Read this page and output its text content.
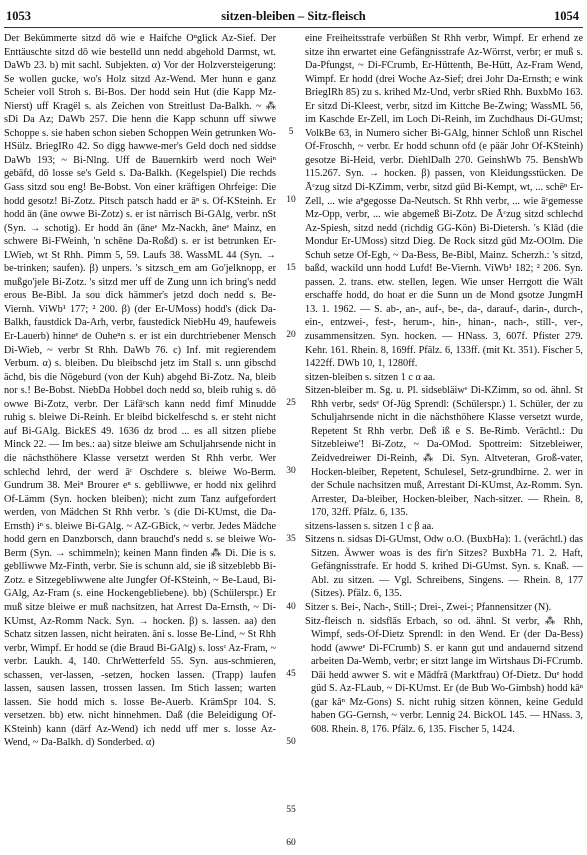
1053	sitzen-bleiben – Sitz-fleisch	1054

Der Bekümmerte sitzd dō wie e Haifche Oⁿglick Az-Sief. Der Enttäuschte sitzd dō wie bestelld unn nedd abgehold Darmst, wt. DaWb 23. b) mit sachl. Subjekten. α) Vor der Holzversteigerung: Se wollen gucke, wo's Holz sitzd Az-Wend. Mer hunn e ganz Scheier voll Stroh s. Bi-Bos. Der hodd sein Hut (die Kapp Mz-Nierst) uff Kragël s. als Zeichen von Streitlust Da-Balkh. ~ ⁂ sDi Da Az; DaWb 257. Die henn die Kapp schunn uff siwwe Schoppe s. sie haben schon sieben Schoppen Wein getrunken Wo-HSülz. BriegIRo 42. So digg hawwe-mer's Geld doch ned siddse DaWb 193; ~ Bi-Nlng. Uff de Bauernkirb werd noch Weiⁿ gebäfd, dō losse se's Geld s. Da-Balkh. (Kegelspiel) Die rechds Gass sitzd sou eng! Be-Bobst. Von einer kräftigen Ohrfeige: Die hodd gesotz! Bi-Zotz. Pitsch patsch hadd er āⁿ s. Of-KSteinh. Er hodd ān (āne owwe Bi-Zotz) s. er ist närrisch Bi-GAlg, verbr. nSt (Syn. → schotig). Er hodd ān (āneᵉ Mz-Nackh, āneᵉ Mainz, en schwere Bi-FWeinh, 'n schēne Da-Roßd) s. er ist betrunken Er-LWieb, wt St Rhh. Pimm 5, 59. Laufs 38. WassML 44 (Syn. → be-trinken; saufen). β) unpers. 's sitzsch_em am Go'jelknopp, er mußgo'jele Bi-Zotz. 's sitzd mer uff de Zung unn ich bring's nedd erous Be-Bibl. Ja sou dick hämmer's jetzd doch nedd s. Be-Viernh. ViWb¹ 177; ² 200. β) (der Er-UMoss) hodd's (dick Da-Balkh, faustdick Da-Arh, verbr, faustedick NiebHu 49, haufeweis Er-Lauerb) hinneᵉ de Ouheⁿn s. er ist ein durchtriebener Mensch Di-Wieb, ~ verbr St Rhh. DaWb 76. c) Inf. mit regierendem Verbum. α) s. bleiben. Du bleibschd jetz im Stall s. unn gibschd ächd, bis die Nögeburd (von der Kuh) abgehd Bi-Zotz. Na, bleib nor s.! Be-Bobst. NiebDa Hobbel doch nedd so, bleib ruhig s. dō owwe Bi-Zotz, verbr. Der Läfāᶜsch kann nedd fimf Minudde ruhig s. bleiwe Di-Reinh. Er bleibd bickelfeschd s. er steht nicht auf Bi-GAlg. BickES 49. 1636 dz brod ... es all sitzen pliebe Minck 22. — Im bes.: aa) sitze bleiwe am Schuljahrsende nicht in die nächsthöhere Klasse versetzt werden St Rhh verbr. Wer schlechd lehrd, der werd āᶜ Oschdere s. bleiwe Wo-Berm. Gundrum 38. Meiⁿ Brourer eⁿ s. geblliwwe, er hodd nix gelihrd Of-Lämm (Syn. hocken bleiben); nicht zum Tanz aufgefordert werden, von Mädchen St Rhh verbr. 's (die Di-KUmst, die Da-Ernsth) iⁿ s. bleiwe Bi-GAlg. ~ AZ-GBick, ~ verbr. Jedes Mädche hodd gern en Danzborsch, dann brauchd's nedd s. se bleiwe Wo-Berm (Syn. → schimmeln); keinen Mann finden ⁂ Di. Die is s. geblliwwe Mz-Finth, verbr. Sie is schunn ald, sie iß sitzeblebb Bi-Zotz. e Sitzegebliwwene alte Jungfer Of-KSteinh, ~ Be-Laud, Bi-GAlg, Az-Fram (s. eine Hockengebliebene). bb) (Schülerspr.) Er muß sitze bleiwe er muß nachsitzen, hat Arrest Da-Ernsth, ~ Di-KUmst, Az-Romm Nack. Syn. → hocken. β) s. lassen. aa) den Schatz sitzen lassen, nicht heiraten. āni s. losse Be-Lind, ~ St Rhh verbr, Wimpf. Er hodd se (die Braud Bi-GAlg) s. lossᶜ Az-Fram, ~ verbr. Laukh. 4, 140. ChrWetterfeld 55. Syn. aus-schmieren, schassen, ver-lassen, -setzen, hocken lassen. (Trapp) laufen lassen, sausen lassen, trossen lassen. Im Stich lassen; warten lassen. Sie hodd mich s. losse Be-Auerb. KrämSpr 104. S. versetzen. bb) etw. nicht hinnehmen. Daß (die Beleidigung Of-KSteinh) kann (därf Az-Wend) ich nedd uff mer s. losse Az-Wend, ~ Da-Balkh. d) Sonderbed. α)

5
10
15
20
25
30
35
40
45
50
55
60

eine Freiheitsstrafe verbüßen St Rhh verbr, Wimpf. Er erhend ze sitze ihn erwartet eine Gefängnisstrafe Az-Wörrst, verbr; er muß s. Da-Pfungst, ~ Di-FCrumb, Er-Hüttenth, Be-Hütt, Az-Fram Wend, Wimpf. Er hodd (drei Woche Az-Sief; drei Johr Da-Ernsth; e wink BriegIRh 85) zu s. krihed Mz-Und, verbr sRied Rhh. BuxbMo 163. Er sitzd Di-Kleest, verbr, sitzd im Kittche Be-Zwing; WassML 56, im Kaschde Er-Zell, im Loch Di-Reinh, im Zuchdhaus Di-GUmst; VolkBe 63, in Numero sicher Bi-GAlg, hinner Schloß unn Rischel Of-Froschh, ~ verbr. Er hodd schunn ofd (e päär Johr Of-KSteinh) gesotze Bi-Heid, verbr. DiehlDalh 270. GeinshWb 75. BenshWb 115.267. Syn. → hocken. β) passen, von Kleidungsstücken. De Āᶜzug sitzd Di-KZimm, verbr, sitzd güd Bi-Kempt, wt, ... schēⁿ Er-Zell, ... wie aⁿgegosse Da-Neutsch. St Rhh verbr, ... wie āᶜgemesse Mz-Opp, verbr, ... wie abgemeß Bi-Zotz. De Āᶜzug sitzd schlechd Az-Spiesh, sitzd nedd (richdig GG-Kön) Bi-Dietersh. 's Klād (die Mondur Er-UMoss) sitzd Dieg. De Rock sitzd güd Mz-OOlm. Die Schuh setze Of-Egb, ~ Da-Bess, Be-Bibl, Mainz. Scherzh.: 's sitzd, baßd, wackild unn hodd Lufd! Be-Viernh. ViWb¹ 182; ² 206. Syn. passen. 2. trans. etw. stellen, legen. Wie unser Herrgott die Wält erschaffe hodd, do hoat er die Sunn un de Mond gsotze JungmH 13. 1. 1962. — S. ab-, an-, auf-, be-, da-, darauf-, darin-, durch-, ein-, entzwei-, fest-, herum-, hin-, hinan-, nach-, still-, ver-, zusammensitzen. Syn. hocken. — HNass. 3, 607f. Pfister 279. Kehr. 161. Rhein. 8, 169ff. Pfälz. 6, 133ff. (mit Kt. 351). Fischer 5, 1422ff. DWb 10, 1, 1280ff.

sitzen-bleiben s. sitzen 1 c α aa.

Sitzen-bleiber m. Sg. u. Pl. sidsebläiwᵉ Di-KZimm, so od. ähnl. St Rhh verbr, sedsᵉ Of-Jüg Sprendl: (Schülerspr.) 1. Schüler, der zu Schuljahrsende nicht in die nächsthöhere Klasse versetzt wurde, Repetent St Rhh verbr. Deß iß e S. Be-Rimb. Verächtl.: Du Sitzebleiwe'! Bi-Zotz, ~ Da-OMod. Spottreim: Sitzebleiwer, Zeidvedreiwer Di-Reinh, ⁂ Di. Syn. Altveteran, Groß-vater, Hocken-bleiber, Repetent, Schulesel, Setz-grundbirne. 2. wer in der Schule nachsitzen muß, Arrestant Di-KUmst, Az-Romm. Syn. Arrester, Da-bleiber, Hocken-bleiber, Nach-sitzer. — Rhein. 8, 170, 32ff. Pfälz. 6, 135.

sitzens-lassen s. sitzen 1 c β aa.

Sitzens n. sidsas Di-GUmst, Odw o.O. (BuxbHa): 1. (verächtl.) das Sitzen. Äwwer woas is des fir'n Sitzes? BuxbHa 71. 2. Haft, Gefängnisstrafe. Er hodd S. krihed Di-GUmst. Syn. s. Knaß. — Abl. zu sitzen. — Vgl. Schreibens, Singens. — Rhein. 8, 177 (Sitzes). Pfälz. 6, 135.

Sitzer s. Bei-, Nach-, Still-; Drei-, Zwei-; Pfannensitzer (N).

Sitz-fleisch n. sidsflās Erbach, so od. ähnl. St verbr, ⁂ Rhh, Wimpf, seds-Of-Dietz Sprendl: in den Wend. Er (der Da-Bess) hodd (awweᵉ Di-FCrumb) S. er kann gut und andauernd sitzend arbeiten Da-Wemb, verbr; er sitzt lange im Wirtshaus Di-FCrumb. Dāi hedd awwer S. wit e Mādfrā (Marktfrau) Of-Dietz. Duᵉ hodd güd S. Az-FLaub, ~ Di-KUmst. Er (de Bub Wo-Gimbsh) hodd kāⁿ (gar kāⁿ Mz-Gons) S. nicht ruhig sitzen können, keine Geduld haben GG-Gernsh, ~ verbr. Lennig 24. BickOL 145. — HNass. 3, 608. Rhein. 8, 176. Pfälz. 6, 135. Fischer 5, 1424.
